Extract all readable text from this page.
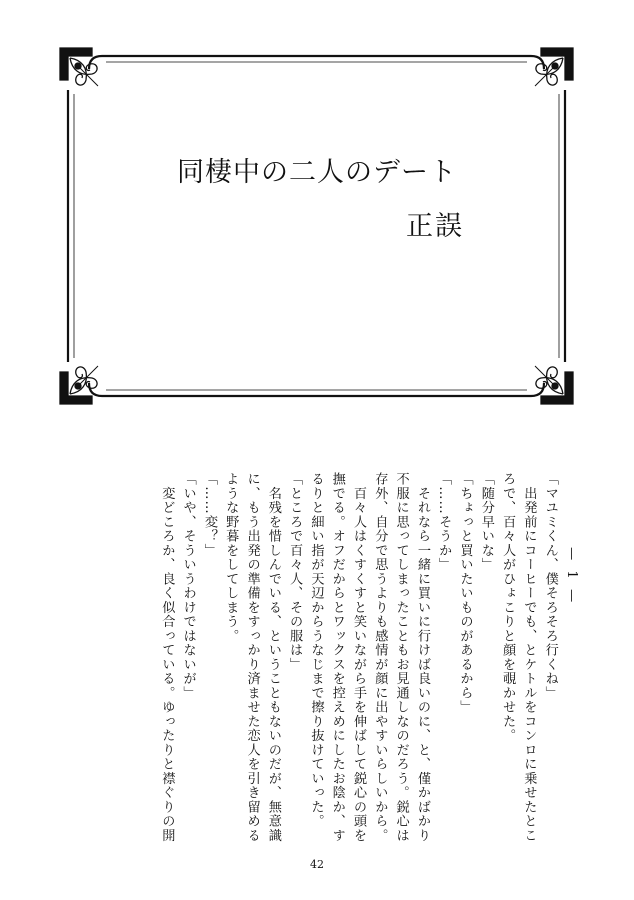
同棲中の二人のデート
正誤
— 1 —

「マユミくん、僕そろそろ行くね」

　出発前にコーヒーでも、とケトルをコンロに乗せたとこ

ろで、百々人がひょこりと顔を覗かせた。

「随分早いな」

「ちょっと買いたいものがあるから」

「……そうか」

　それなら一緒に買いに行けば良いのに、と、僅かばかり

不服に思ってしまったこともお見通しなのだろう。鋭心は

存外、自分で思うよりも感情が顔に出やすいらしいから。

　百々人はくすくすと笑いながら手を伸ばして鋭心の頭を

撫でる。オフだからとワックスを控えめにしたお陰か、す

るりと細い指が天辺からうなじまで擦り抜けていった。

「ところで百々人、その服は」

　名残を惜しんでいる、ということもないのだが、無意識

に、もう出発の準備をすっかり済ませた恋人を引き留める

ような野暮をしてしまう。

「……変？」

「いや、そういうわけではないが」

　変どころか、良く似合っている。ゆったりと襟ぐりの開

42
